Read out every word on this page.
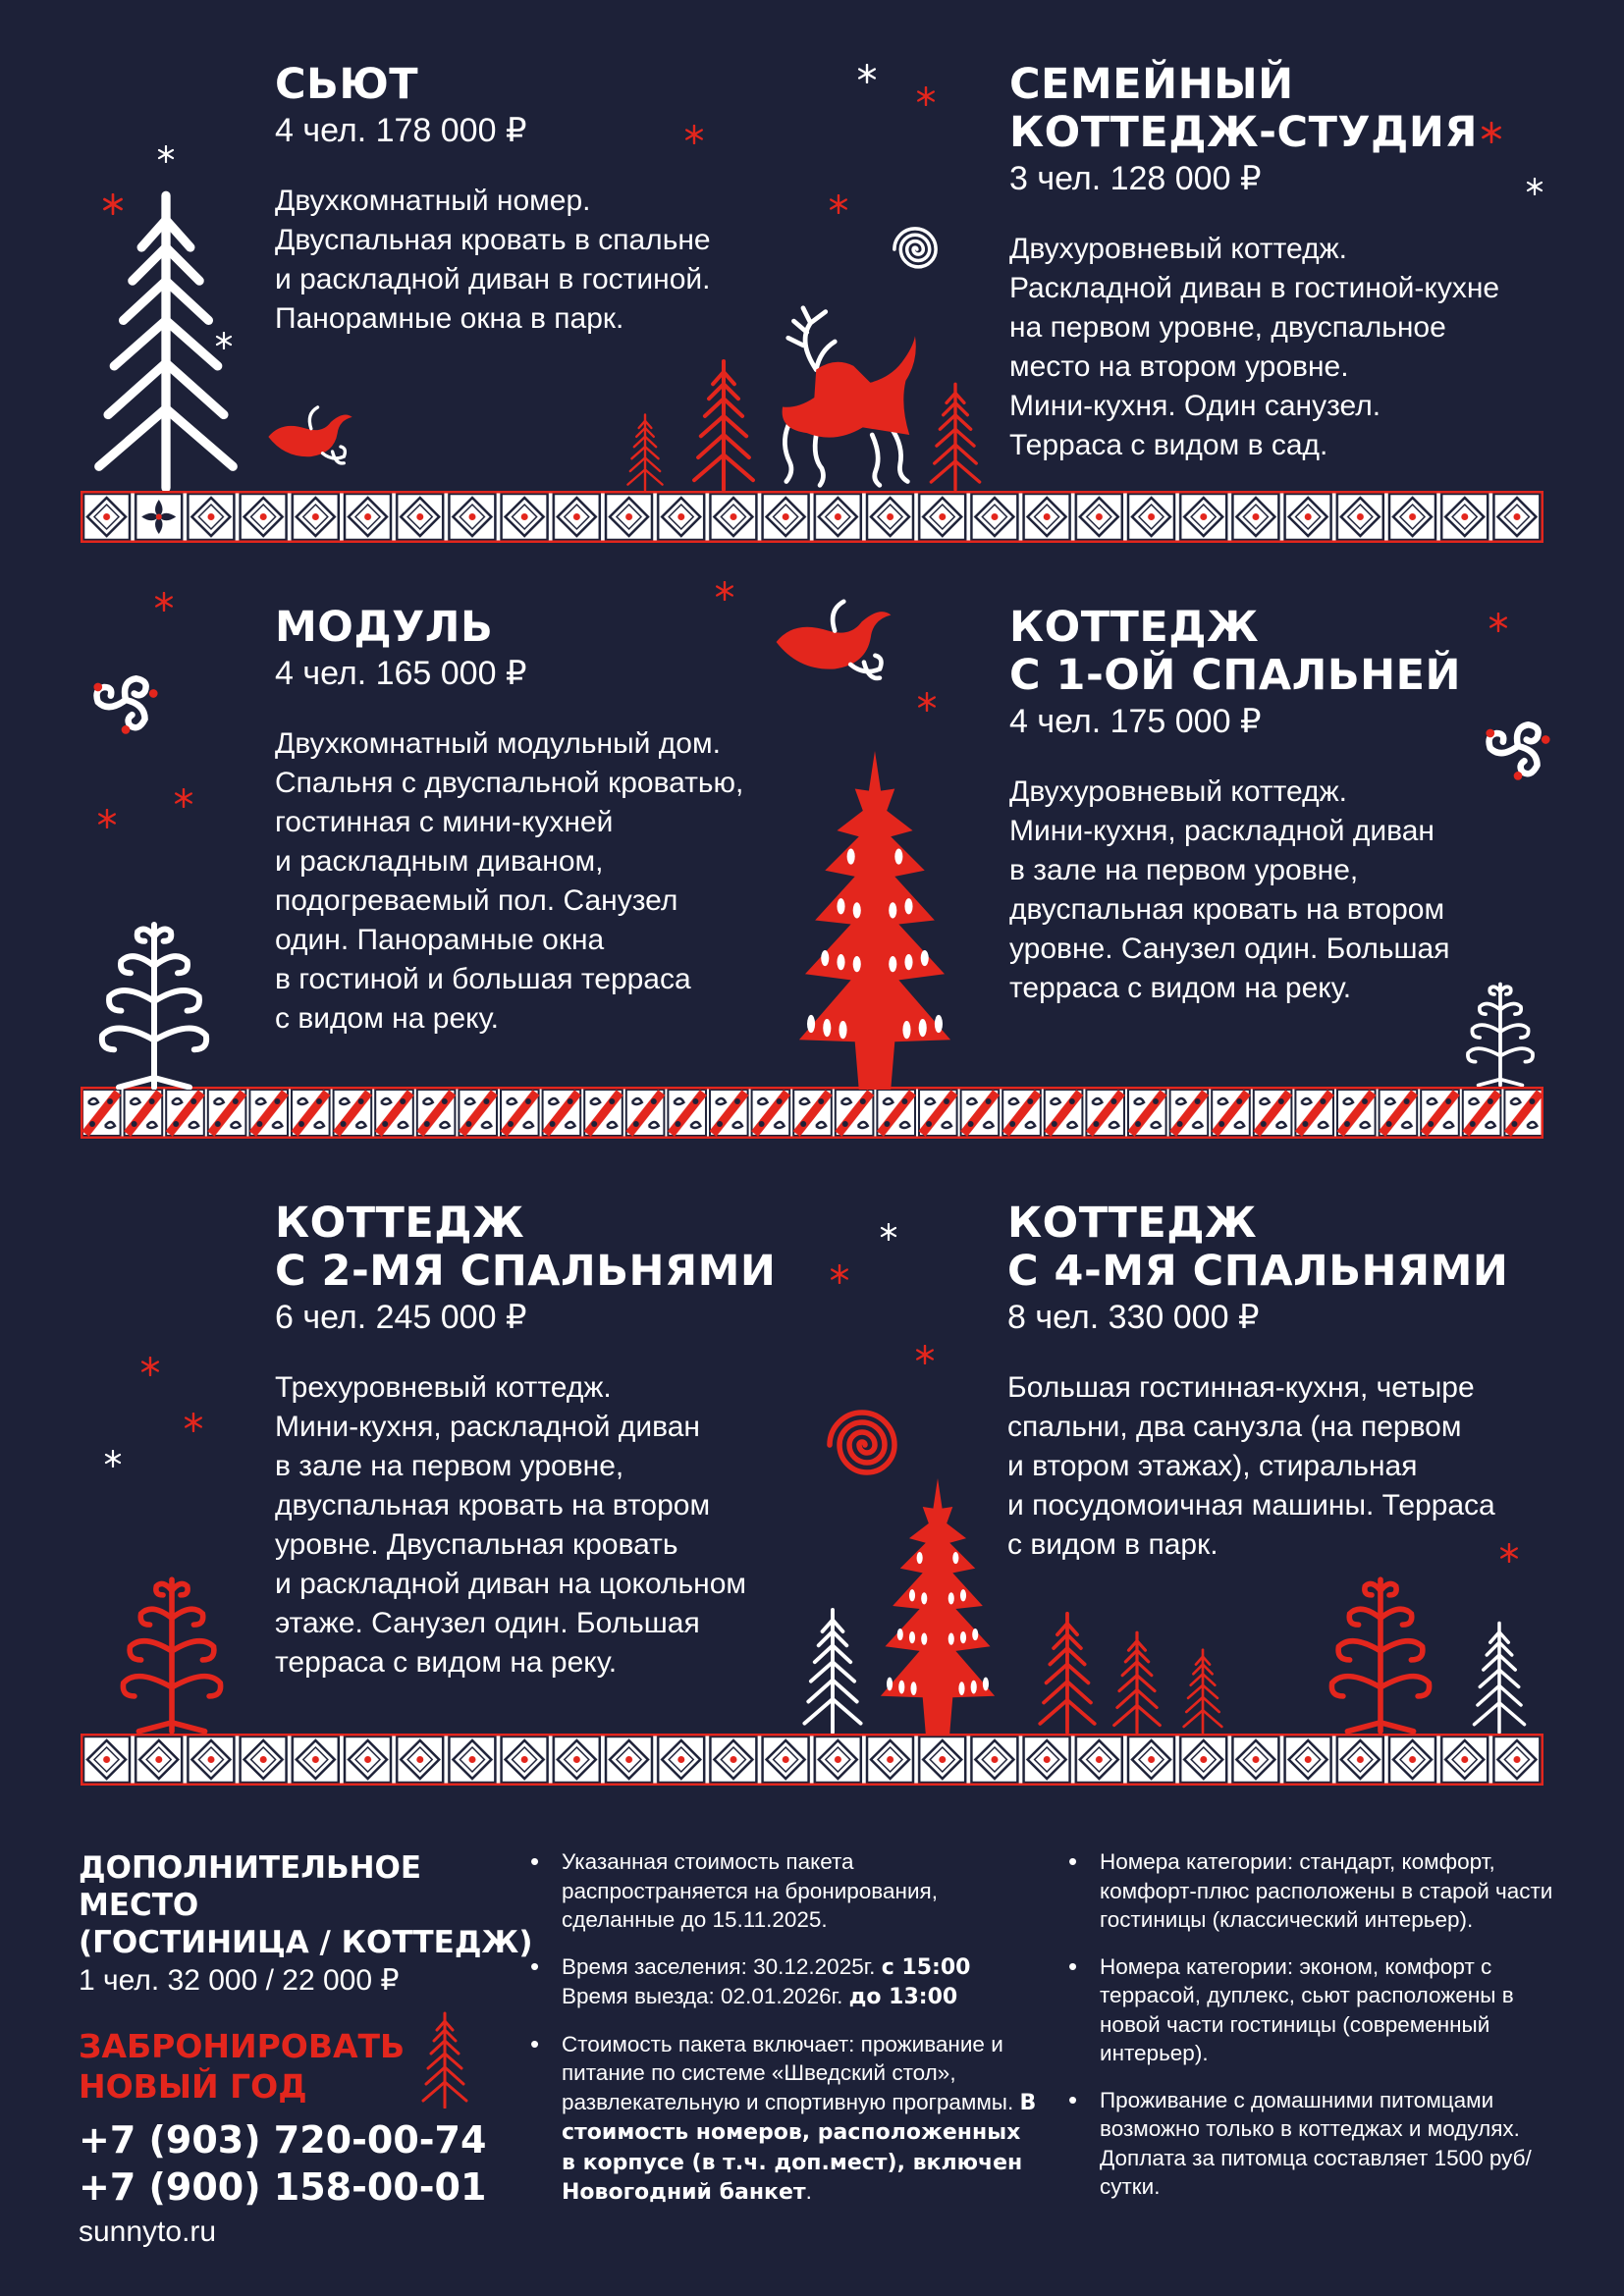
СЬЮТ

4 чел. 178 000 ₽

Двухкомнатный номер.
Двуспальная кровать в спальне
и раскладной диван в гостиной.
Панорамные окна в парк.

СЕМЕЙНЫЙ
КОТТЕДЖ-СТУДИЯ

3 чел. 128 000 ₽

Двухуровневый коттедж.
Раскладной диван в гостиной-кухне
на первом уровне, двуспальное
место на втором уровне.
Мини-кухня. Один санузел.
Терраса с видом в сад.

МОДУЛЬ

4 чел. 165 000 ₽

Двухкомнатный модульный дом.
Спальня с двуспальной кроватью,
гостинная с мини-кухней
и раскладным диваном,
подогреваемый пол. Санузел
один. Панорамные окна
в гостиной и большая терраса
с видом на реку.

КОТТЕДЖ
С 1-ОЙ СПАЛЬНЕЙ

4 чел. 175 000 ₽

Двухуровневый коттедж.
Мини-кухня, раскладной диван
в зале на первом уровне,
двуспальная кровать на втором
уровне. Санузел один. Большая
терраса с видом на реку.

КОТТЕДЖ
С 2-МЯ СПАЛЬНЯМИ

6 чел. 245 000 ₽

Трехуровневый коттедж.
Мини-кухня, раскладной диван
в зале на первом уровне,
двуспальная кровать на втором
уровне. Двуспальная кровать
и раскладной диван на цокольном
этаже. Санузел один. Большая
терраса с видом на реку.

КОТТЕДЖ
С 4-МЯ СПАЛЬНЯМИ

8 чел. 330 000 ₽

Большая гостинная-кухня, четыре
спальни, два санузла (на первом
и втором этажах), стиральная
и посудомоичная машины. Терраса
с видом в парк.

ДОПОЛНИТЕЛЬНОЕ
МЕСТО
(ГОСТИНИЦА / КОТТЕДЖ)

1 чел. 32 000 / 22 000 ₽

ЗАБРОНИРОВАТЬ
НОВЫЙ ГОД
+7 (903) 720-00-74
+7 (900) 158-00-01
sunnyto.ru
• Указанная стоимость пакета распространяется на бронирования, сделанные до 15.11.2025.
• Время заселения: 30.12.2025г. с 15:00
Время выезда: 02.01.2026г. до 13:00
• Стоимость пакета включает: проживание и питание по системе «Шведский стол», развлекательную и спортивную программы. В стоимость номеров, расположенных в корпусе (в т.ч. доп.мест), включен Новогодний банкет.
• Номера категории: стандарт, комфорт, комфорт-плюс расположены в старой части гостиницы (классический интерьер).
• Номера категории: эконом, комфорт с террасой, дуплекс, сьют расположены в новой части гостиницы (современный интерьер).
• Проживание с домашними питомцами возможно только в коттеджах и модулях. Доплата за питомца составляет 1500 руб/сутки.
